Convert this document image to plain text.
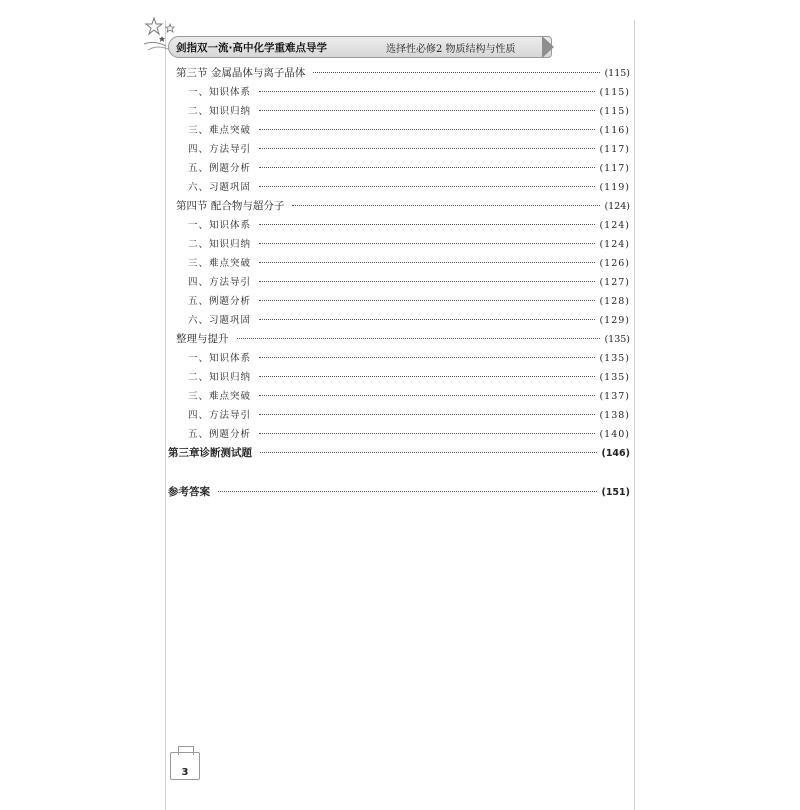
剑指双一流·高中化学重难点导学	选择性必修2 物质结构与性质
第三节 金属晶体与离子晶体	(115)
一、知识体系	(115)
二、知识归纳	(115)
三、难点突破	(116)
四、方法导引	(117)
五、例题分析	(117)
六、习题巩固	(119)
第四节 配合物与超分子	(124)
一、知识体系	(124)
二、知识归纳	(124)
三、难点突破	(126)
四、方法导引	(127)
五、例题分析	(128)
六、习题巩固	(129)
整理与提升	(135)
一、知识体系	(135)
二、知识归纳	(135)
三、难点突破	(137)
四、方法导引	(138)
五、例题分析	(140)
第三章诊断测试题	(146)
参考答案	(151)
3
